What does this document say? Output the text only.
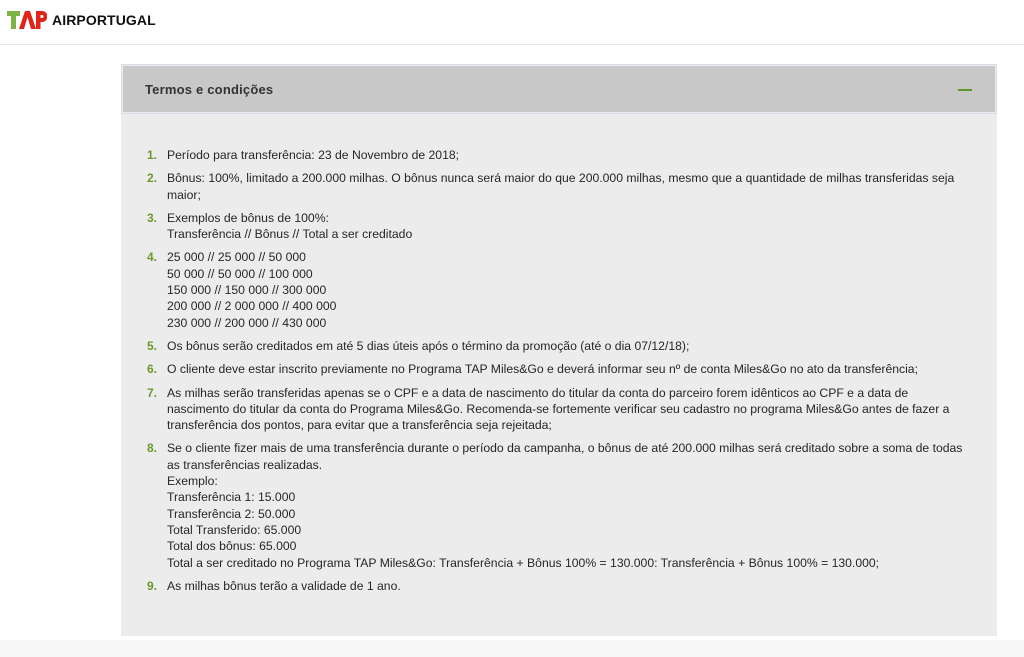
AIRPORTUGAL
Termos e condições
1. Período para transferência: 23 de Novembro de 2018;
2. Bônus: 100%, limitado a 200.000 milhas. O bônus nunca será maior do que 200.000 milhas, mesmo que a quantidade de milhas transferidas seja
maior;
3. Exemplos de bônus de 100%:
Transferência // Bônus // Total a ser creditado
4. 25 000 // 25 000 // 50 000
50 000 // 50 000 // 100 000
150 000 // 150 000 // 300 000
200 000 // 2 000 000 // 400 000
230 000 // 200 000 // 430 000
5. Os bônus serão creditados em até 5 dias úteis após o término da promoção (até o dia 07/12/18);
6. O cliente deve estar inscrito previamente no Programa TAP Miles&Go e deverá informar seu nº de conta Miles&Go no ato da transferência;
7. As milhas serão transferidas apenas se o CPF e a data de nascimento do titular da conta do parceiro forem idênticos ao CPF e a data de
nascimento do titular da conta do Programa Miles&Go. Recomenda-se fortemente verificar seu cadastro no programa Miles&Go antes de fazer a
transferência dos pontos, para evitar que a transferência seja rejeitada;
8. Se o cliente fizer mais de uma transferência durante o período da campanha, o bônus de até 200.000 milhas será creditado sobre a soma de todas
as transferências realizadas.
Exemplo:
Transferência 1: 15.000
Transferência 2: 50.000
Total Transferido: 65.000
Total dos bônus: 65.000
Total a ser creditado no Programa TAP Miles&Go: Transferência + Bônus 100% = 130.000: Transferência + Bônus 100% = 130.000;
9. As milhas bônus terão a validade de 1 ano.
